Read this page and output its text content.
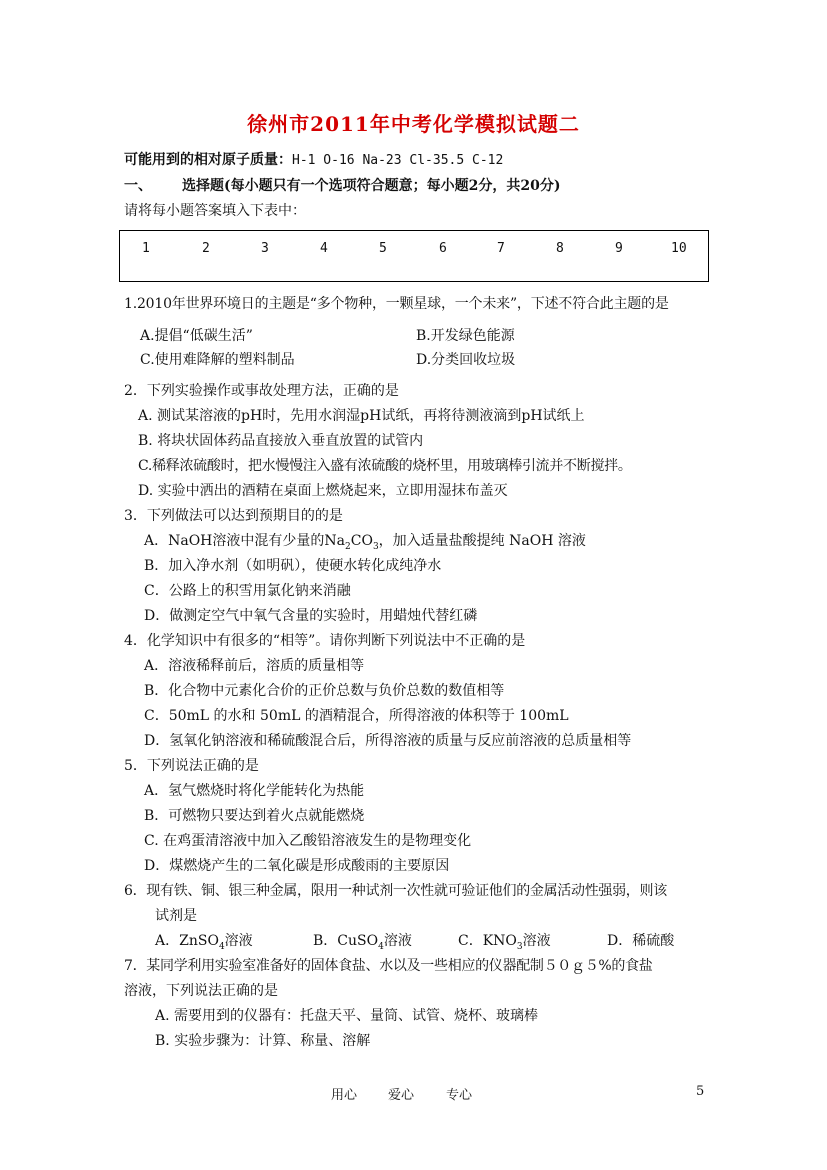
徐州市2011年中考化学模拟试题二
可能用到的相对原子质量：H-1 O-16 Na-23 Cl-35.5 C-12
一、 选择题(每小题只有一个选项符合题意；每小题2分，共20分)
请将每小题答案填入下表中：
1	2	3	4	5	6	7	8	9	10
1.2010年世界环境日的主题是“多个物种，一颗星球，一个未来”，下述不符合此主题的是
A.提倡“低碳生活”	B.开发绿色能源
C.使用难降解的塑料制品	D.分类回收垃圾
2．下列实验操作或事故处理方法，正确的是
A. 测试某溶液的pH时，先用水润湿pH试纸，再将待测液滴到pH试纸上
B. 将块状固体药品直接放入垂直放置的试管内
C.稀释浓硫酸时，把水慢慢注入盛有浓硫酸的烧杯里，用玻璃棒引流并不断搅拌。
D. 实验中洒出的酒精在桌面上燃烧起来，立即用湿抹布盖灭
3．下列做法可以达到预期目的的是
A．NaOH溶液中混有少量的$Na_2CO_3$，加入适量盐酸提纯 NaOH 溶液
B．加入净水剂（如明矾），使硬水转化成纯净水
C．公路上的积雪用氯化钠来消融
D．做测定空气中氧气含量的实验时，用蜡烛代替红磷
4．化学知识中有很多的“相等”。请你判断下列说法中不正确的是
A．溶液稀释前后，溶质的质量相等
B．化合物中元素化合价的正价总数与负价总数的数值相等
C．50mL 的水和 50mL 的酒精混合，所得溶液的体积等于 100mL
D．氢氧化钠溶液和稀硫酸混合后，所得溶液的质量与反应前溶液的总质量相等
5．下列说法正确的是
A．氢气燃烧时将化学能转化为热能
B．可燃物只要达到着火点就能燃烧
C. 在鸡蛋清溶液中加入乙酸铅溶液发生的是物理变化
D．煤燃烧产生的二氧化碳是形成酸雨的主要原因
6．现有铁、铜、银三种金属，限用一种试剂一次性就可验证他们的金属活动性强弱，则该
试剂是
A．ZnSO$_4$溶液	B．CuSO$_4$溶液	C．$KNO_3$溶液	D．稀硫酸
7．某同学利用实验室准备好的固体食盐、水以及一些相应的仪器配制５０ｇ５%的食盐
溶液，下列说法正确的是
A. 需要用到的仪器有：托盘天平、量筒、试管、烧杯、玻璃棒
B. 实验步骤为：计算、称量、溶解
用心 爱心 专心	5
